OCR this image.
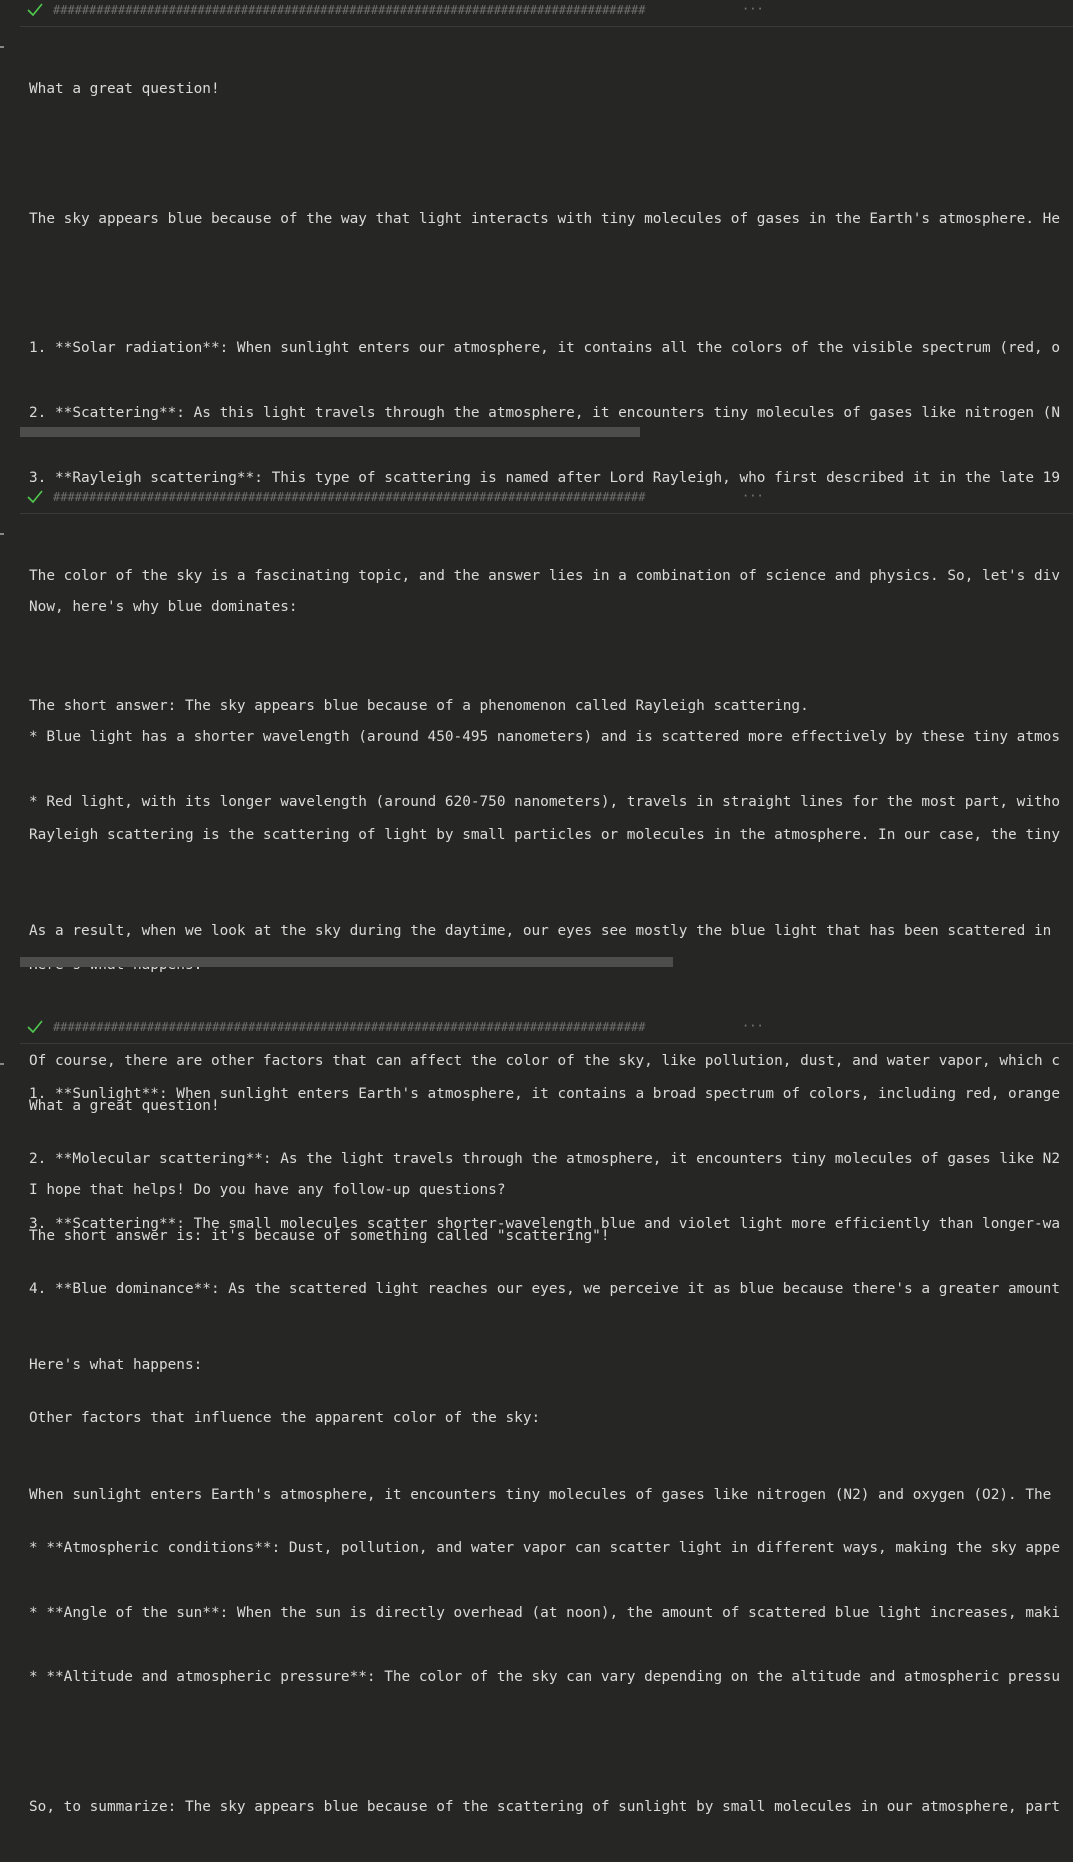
##################################################################################	···

What a great question!

The sky appears blue because of the way that light interacts with tiny molecules of gases in the Earth's atmosphere. He

1. **Solar radiation**: When sunlight enters our atmosphere, it contains all the colors of the visible spectrum (red, o

2. **Scattering**: As this light travels through the atmosphere, it encounters tiny molecules of gases like nitrogen (N

3. **Rayleigh scattering**: This type of scattering is named after Lord Rayleigh, who first described it in the late 19

Now, here's why blue dominates:

* Blue light has a shorter wavelength (around 450-495 nanometers) and is scattered more effectively by these tiny atmos

* Red light, with its longer wavelength (around 620-750 nanometers), travels in straight lines for the most part, witho

As a result, when we look at the sky during the daytime, our eyes see mostly the blue light that has been scattered in

Of course, there are other factors that can affect the color of the sky, like pollution, dust, and water vapor, which c

I hope that helps! Do you have any follow-up questions?

##################################################################################	···

The color of the sky is a fascinating topic, and the answer lies in a combination of science and physics. So, let's div

The short answer: The sky appears blue because of a phenomenon called Rayleigh scattering.

Rayleigh scattering is the scattering of light by small particles or molecules in the atmosphere. In our case, the tiny

1. **Sunlight**: When sunlight enters Earth's atmosphere, it contains a broad spectrum of colors, including red, orange

2. **Molecular scattering**: As the light travels through the atmosphere, it encounters tiny molecules of gases like N2

3. **Scattering**: The small molecules scatter shorter-wavelength blue and violet light more efficiently than longer-wa

4. **Blue dominance**: As the scattered light reaches our eyes, we perceive it as blue because there's a greater amount

Other factors that influence the apparent color of the sky:

* **Atmospheric conditions**: Dust, pollution, and water vapor can scatter light in different ways, making the sky appe

* **Angle of the sun**: When the sun is directly overhead (at noon), the amount of scattered blue light increases, maki

* **Altitude and atmospheric pressure**: The color of the sky can vary depending on the altitude and atmospheric pressu

So, to summarize: The sky appears blue because of the scattering of sunlight by small molecules in our atmosphere, part

##################################################################################	···

What a great question!

The short answer is: it's because of something called "scattering"!

Here's what happens:

When sunlight enters Earth's atmosphere, it encounters tiny molecules of gases like nitrogen (N2) and oxygen (O2). The
